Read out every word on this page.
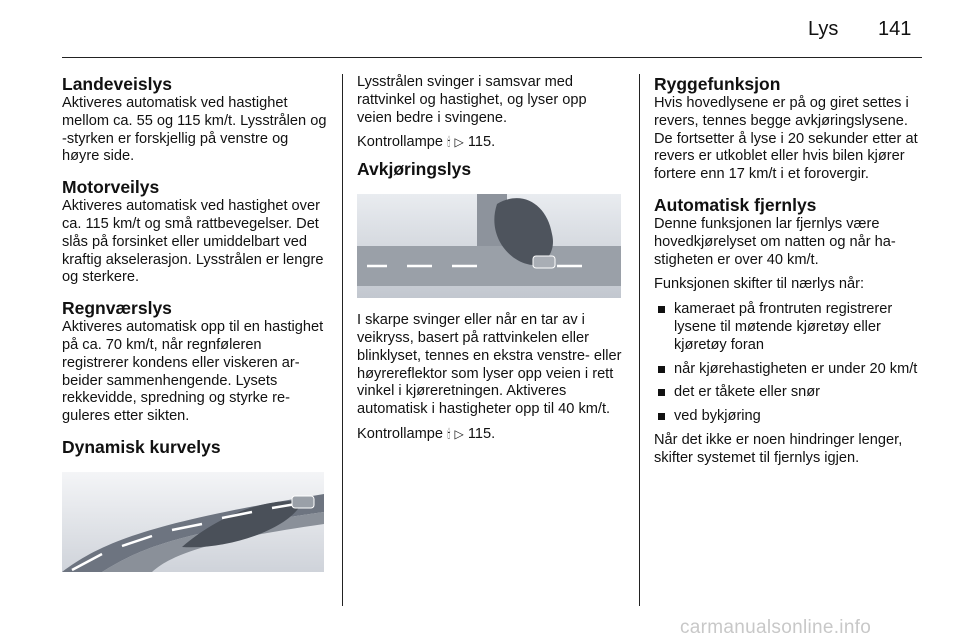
Lys 141
Landeveislys
Aktiveres automatisk ved hastighet mellom ca. 55 og 115 km/t. Lysstrålen og -styrken er forskjellig på venstre og høyre side.
Motorveilys
Aktiveres automatisk ved hastighet over ca. 115 km/t og små rattbevegelser. Det slås på forsinket eller umiddelbart ved kraftig akselerasjon. Lysstrålen er lengre og sterkere.
Regnværslys
Aktiveres automatisk opp til en hastighet på ca. 70 km/t, når regnføleren registrerer kondens eller viskeren arbeider sammenhengende. Lysets rekkevidde, spredning og styrke reguleres etter sikten.
Dynamisk kurvelys

Lysstrålen svinger i samsvar med rattvinkel og hastighet, og lyser opp veien bedre i svingene.

Kontrollampe 🕯︎ ▷ 115.

Avkjøringslys

I skarpe svinger eller når en tar av i veikryss, basert på rattvinkelen eller blinklyset, tennes en ekstra venstre- eller høyrereflektor som lyser opp veien i rett vinkel i kjøreretningen. Aktiveres automatisk i hastigheter opp til 40 km/t.

Kontrollampe 🕯︎ ▷ 115.

Ryggefunksjon
Hvis hovedlysene er på og giret settes i revers, tennes begge avkjøringslysene. De fortsetter å lyse i 20 sekunder etter at revers er utkoblet eller hvis bilen kjører fortere enn 17 km/t i et forovergir.
Automatisk fjernlys
Denne funksjonen lar fjernlys være hovedkjørelyset om natten og når hastigheten er over 40 km/t.

Funksjonen skifter til nærlys når:

kameraet på frontruten registrerer lysene til møtende kjøretøy eller kjøretøy foran
når kjørehastigheten er under 20 km/t
det er tåkete eller snør
ved bykjøring

Når det ikke er noen hindringer lenger, skifter systemet til fjernlys igjen.

carmanualsonline.info
